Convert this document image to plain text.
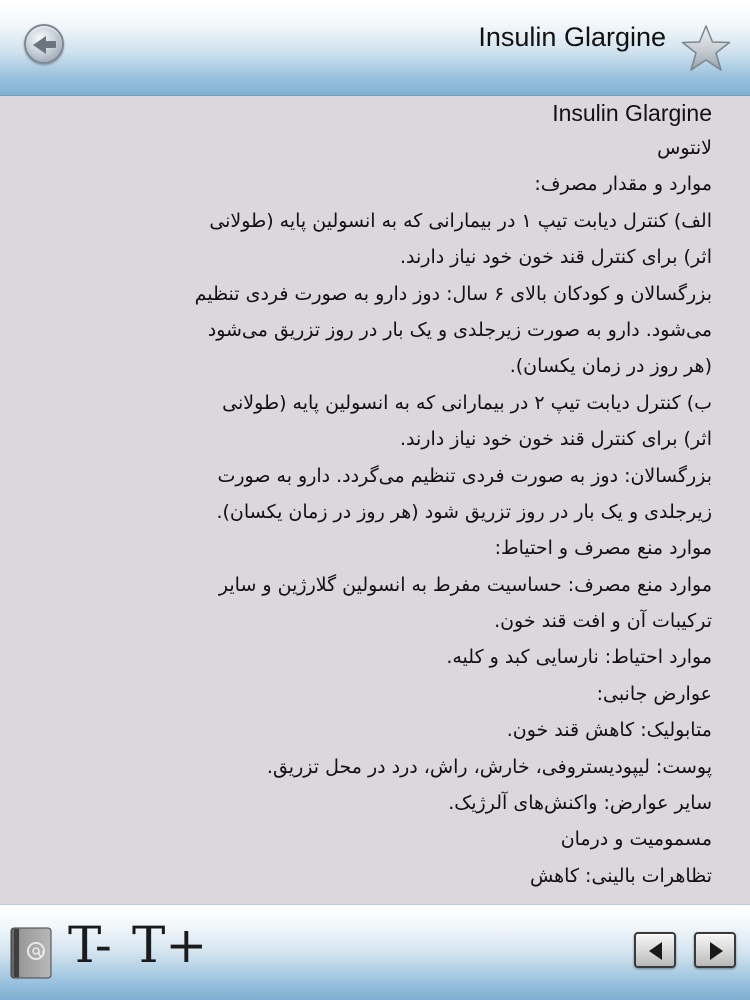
Insulin Glargine
Insulin Glargine
لانتوس
موارد و مقدار مصرف:
الف) کنترل دیابت تیپ ۱ در بیمارانی که به انسولین پایه (طولانی
اثر) برای کنترل قند خون خود نیاز دارند.
بزرگسالان و کودکان بالای ۶ سال: دوز دارو به صورت فردی تنظیم
می‌شود. دارو به صورت زیرجلدی و یک بار در روز تزریق می‌شود
(هر روز در زمان یکسان).
ب) کنترل دیابت تیپ ۲ در بیمارانی که به انسولین پایه (طولانی
اثر) برای کنترل قند خون خود نیاز دارند.
بزرگسالان: دوز به صورت فردی تنظیم می‌گردد. دارو به صورت
زیرجلدی و یک بار در روز تزریق شود (هر روز در زمان یکسان).
موارد منع مصرف و احتیاط:
موارد منع مصرف: حساسیت مفرط به انسولین گلارژین و سایر
ترکیبات آن و افت قند خون.
موارد احتیاط: نارسایی کبد و کلیه.
عوارض جانبی:
متابولیک: کاهش قند خون.
پوست: لیپودیستروفی، خارش، راش، درد در محل تزریق.
سایر عوارض: واکنش‌های آلرژیک.
مسمومیت و درمان
تظاهرات بالینی: کاهش
T- T+
